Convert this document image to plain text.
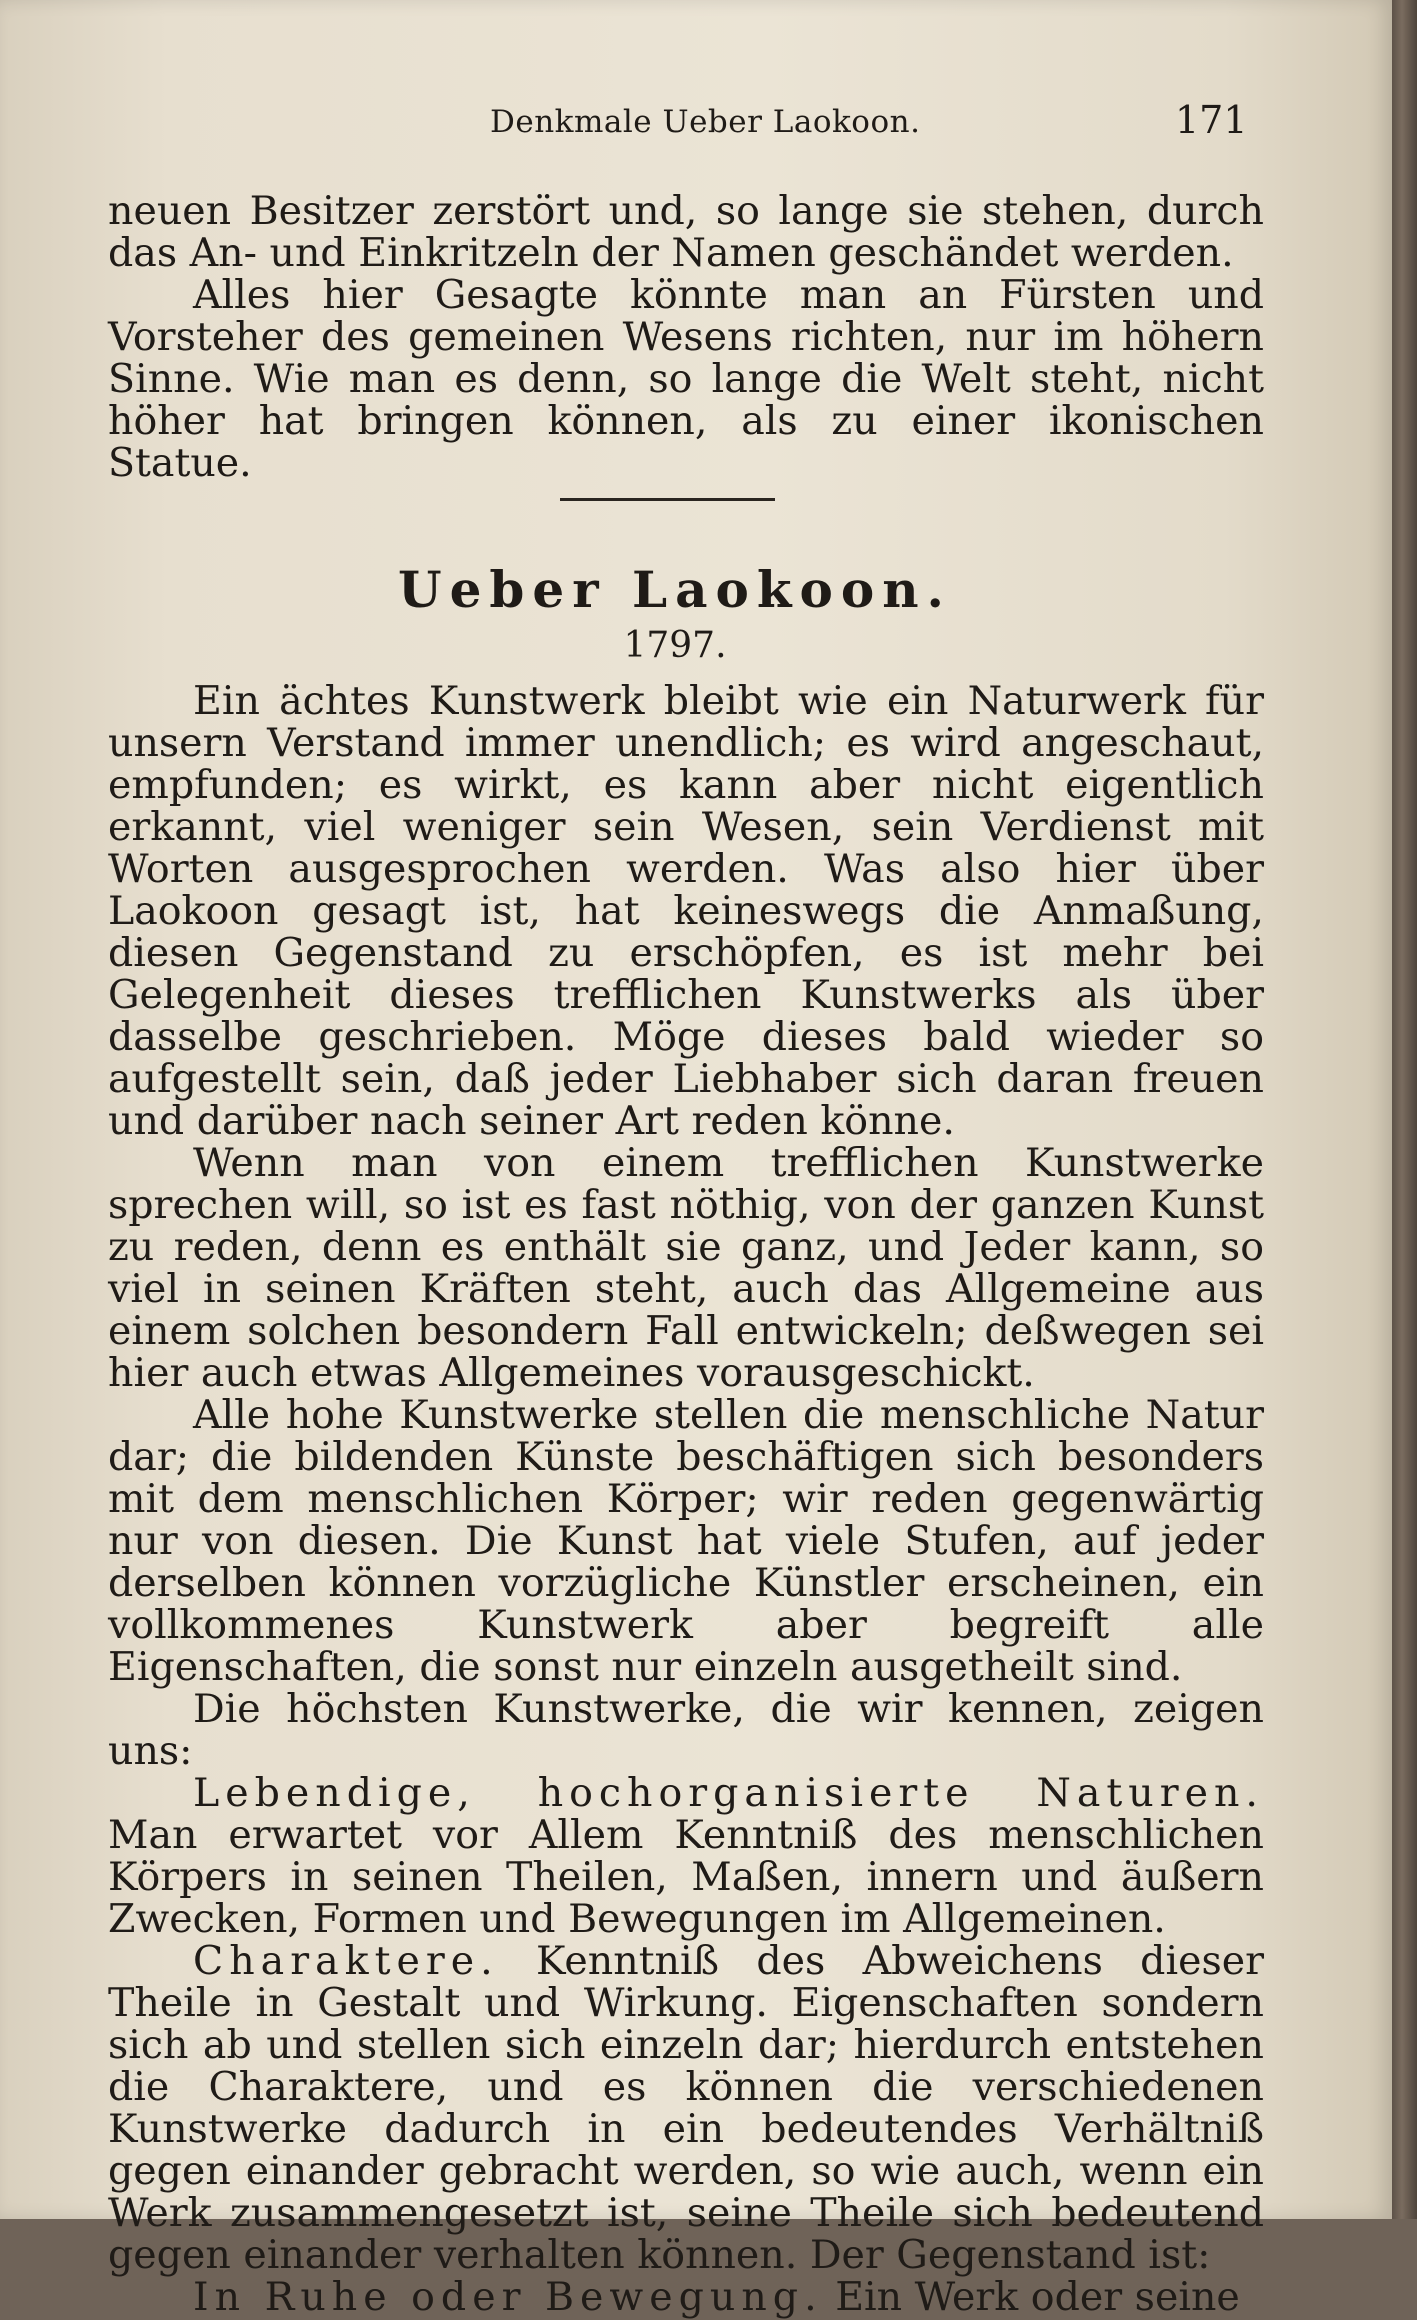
Denkmale Ueber Laokoon.	171

neuen Besitzer zerstört und, so lange sie stehen, durch das An- und Einkritzeln der Namen geschändet werden.

Alles hier Gesagte könnte man an Fürsten und Vorsteher des gemeinen Wesens richten, nur im höhern Sinne. Wie man es denn, so lange die Welt steht, nicht höher hat bringen können, als zu einer ikonischen Statue.

Ueber Laokoon.
1797.

Ein ächtes Kunstwerk bleibt wie ein Naturwerk für unsern Verstand immer unendlich; es wird angeschaut, empfunden; es wirkt, es kann aber nicht eigentlich erkannt, viel weniger sein Wesen, sein Verdienst mit Worten ausgesprochen werden. Was also hier über Laokoon gesagt ist, hat keineswegs die Anmaßung, diesen Gegenstand zu erschöpfen, es ist mehr bei Gelegenheit dieses trefflichen Kunstwerks als über dasselbe geschrieben. Möge dieses bald wieder so aufgestellt sein, daß jeder Liebhaber sich daran freuen und darüber nach seiner Art reden könne.

Wenn man von einem trefflichen Kunstwerke sprechen will, so ist es fast nöthig, von der ganzen Kunst zu reden, denn es enthält sie ganz, und Jeder kann, so viel in seinen Kräften steht, auch das Allgemeine aus einem solchen besondern Fall entwickeln; deßwegen sei hier auch etwas Allgemeines vorausgeschickt.

Alle hohe Kunstwerke stellen die menschliche Natur dar; die bildenden Künste beschäftigen sich besonders mit dem menschlichen Körper; wir reden gegenwärtig nur von diesen. Die Kunst hat viele Stufen, auf jeder derselben können vorzügliche Künstler erscheinen, ein vollkommenes Kunstwerk aber begreift alle Eigenschaften, die sonst nur einzeln ausgetheilt sind.

Die höchsten Kunstwerke, die wir kennen, zeigen uns:

Lebendige, hochorganisierte Naturen. Man erwartet vor Allem Kenntniß des menschlichen Körpers in seinen Theilen, Maßen, innern und äußern Zwecken, Formen und Bewegungen im Allgemeinen.

Charaktere. Kenntniß des Abweichens dieser Theile in Gestalt und Wirkung. Eigenschaften sondern sich ab und stellen sich einzeln dar; hierdurch entstehen die Charaktere, und es können die verschiedenen Kunstwerke dadurch in ein bedeutendes Verhältniß gegen einander gebracht werden, so wie auch, wenn ein Werk zusammengesetzt ist, seine Theile sich bedeutend gegen einander verhalten können. Der Gegenstand ist:

In Ruhe oder Bewegung. Ein Werk oder seine
